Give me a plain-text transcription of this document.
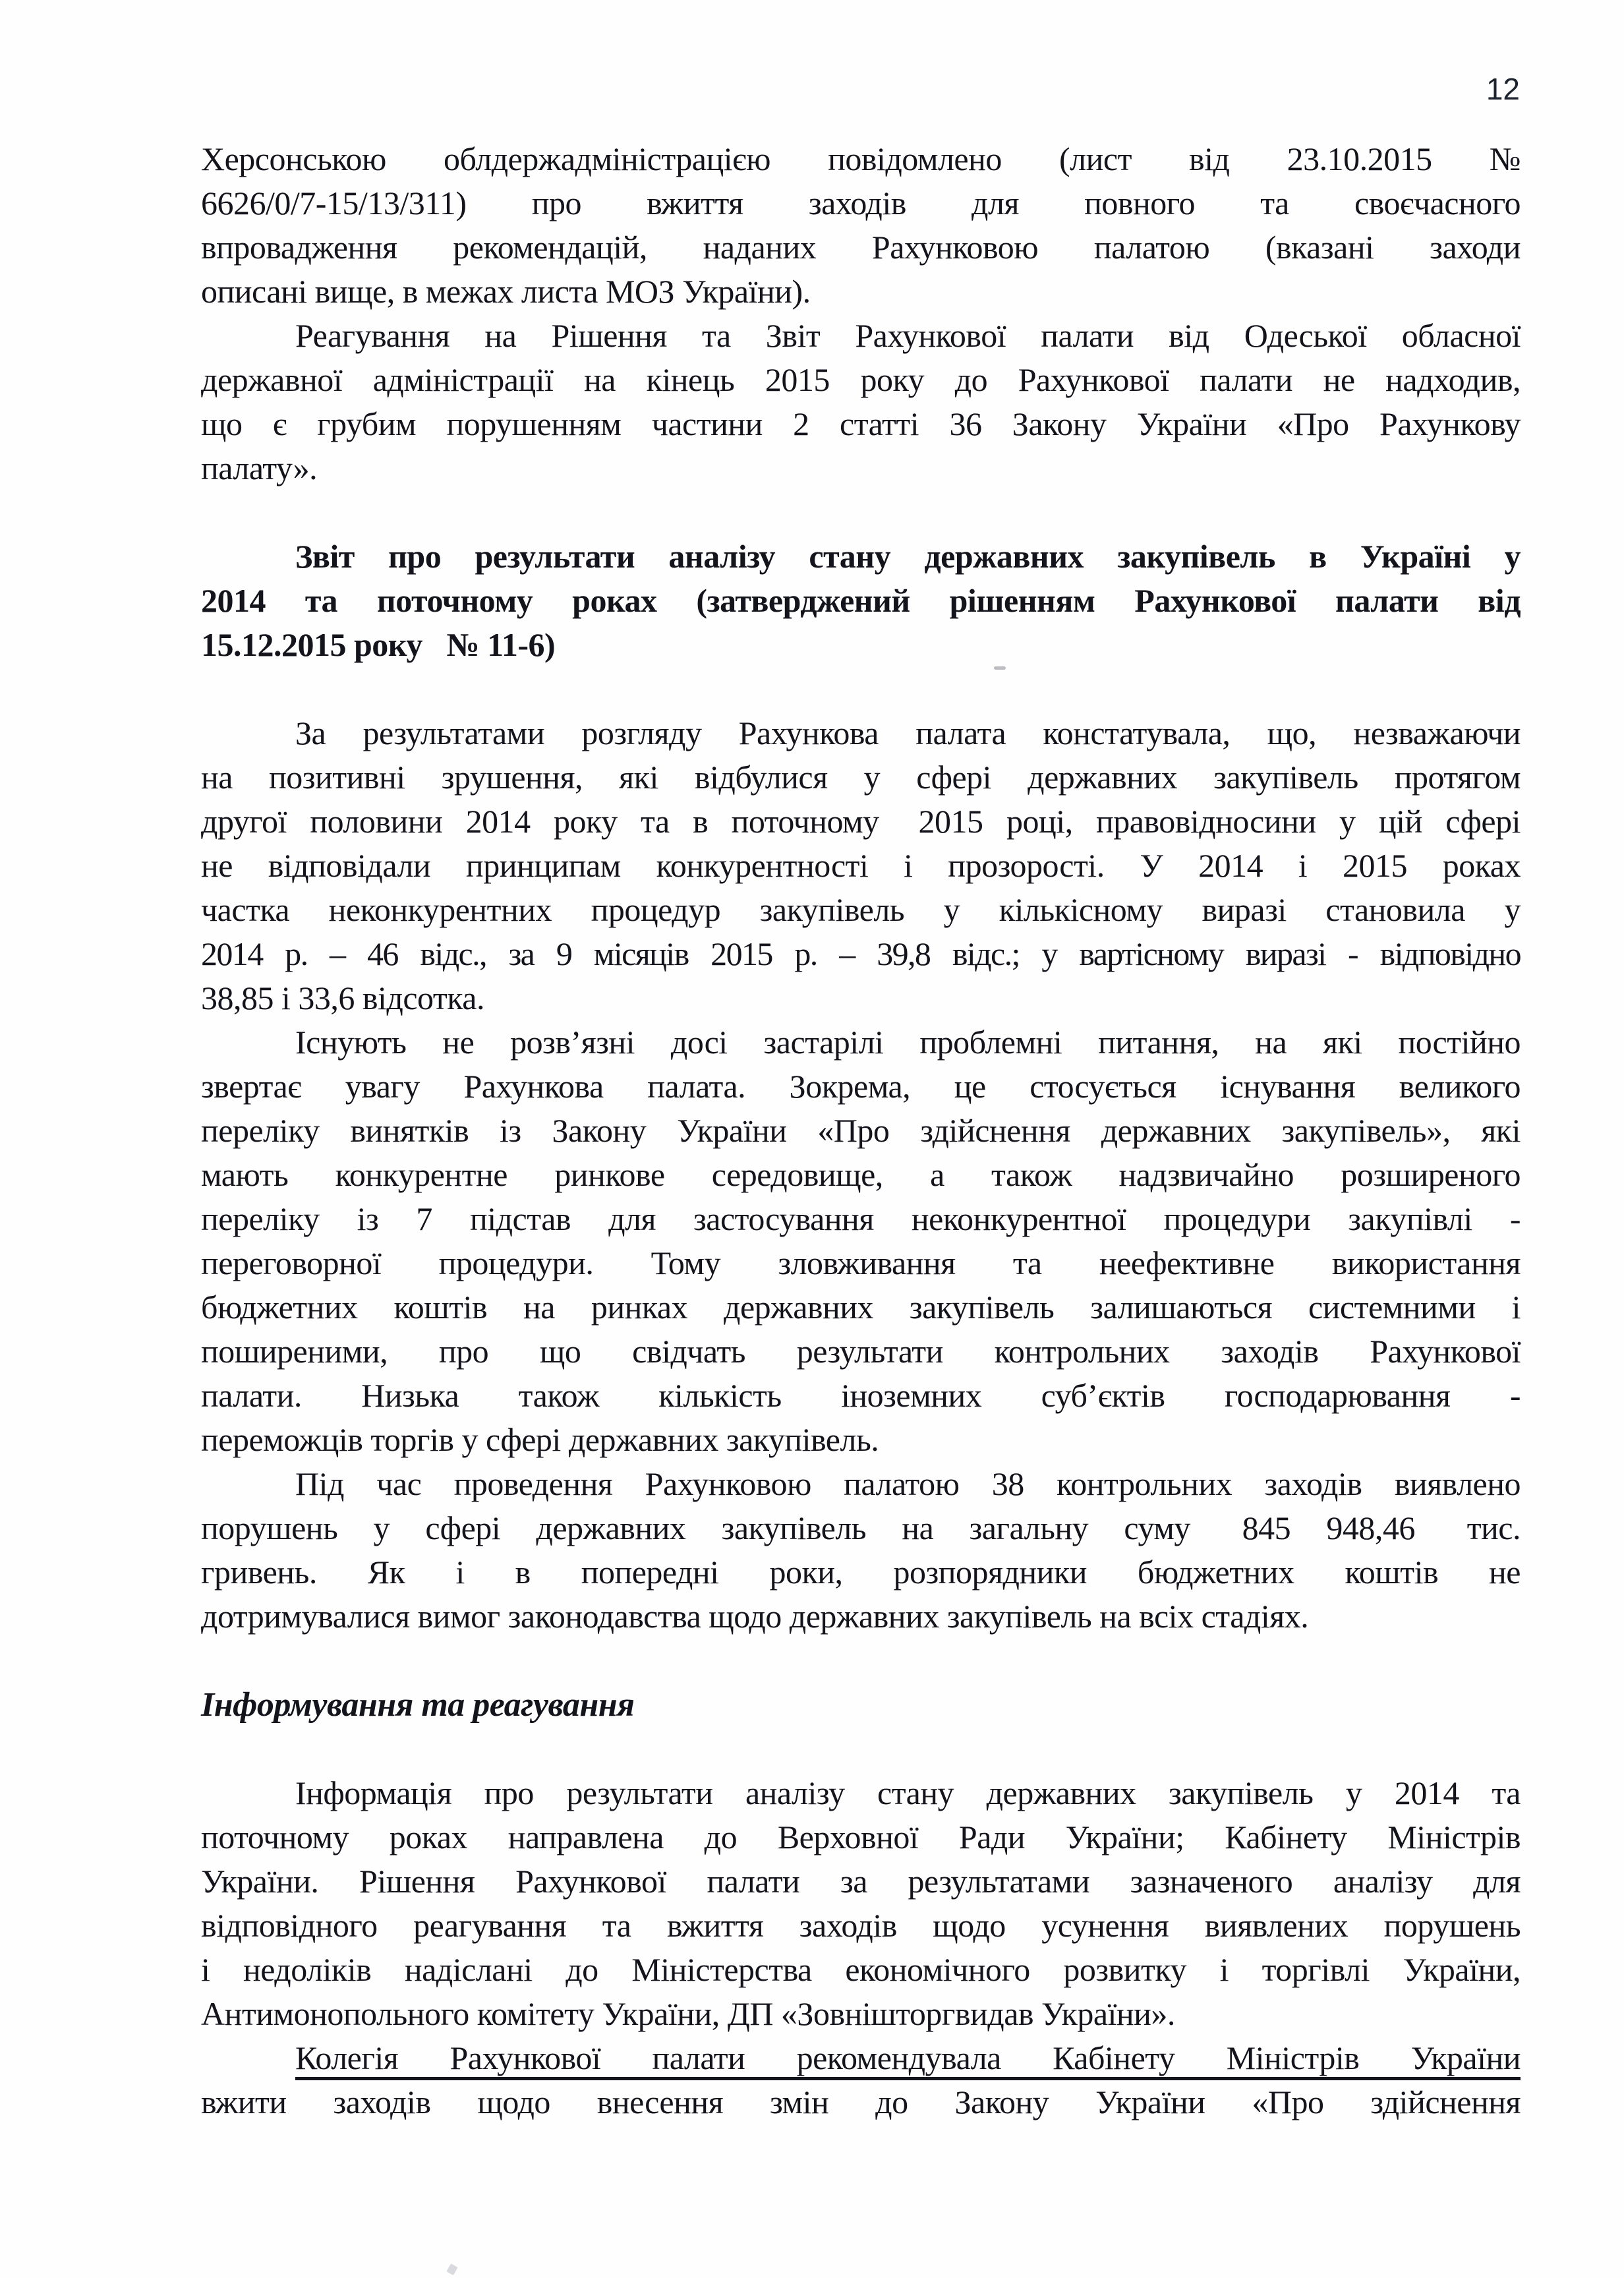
12
Херсонською облдержадміністрацією повідомлено (лист від 23.10.2015 №
6626/0/7-15/13/311) про вжиття заходів для повного та своєчасного
впровадження рекомендацій, наданих Рахунковою палатою (вказані заходи
описані вище, в межах листа МОЗ України).
Реагування на Рішення та Звіт Рахункової палати від Одеської обласної
державної адміністрації на кінець 2015 року до Рахункової палати не надходив,
що є грубим порушенням частини 2 статті 36 Закону України «Про Рахункову
палату».
Звіт про результати аналізу стану державних закупівель в Україні у
2014 та поточному роках (затверджений рішенням Рахункової палати від
15.12.2015 року  № 11-6)
За результатами розгляду Рахункова палата констатувала, що, незважаючи
на позитивні зрушення, які відбулися у сфері державних закупівель протягом
другої половини 2014 року та в поточному  2015 році, правовідносини у цій сфері
не відповідали принципам конкурентності і прозорості. У 2014 і 2015 роках
частка неконкурентних процедур закупівель у кількісному виразі становила у
2014 р. – 46 відс., за 9 місяців 2015 р. – 39,8 відс.; у вартісному виразі - відповідно
38,85 і 33,6 відсотка.
Існують не розв’язні досі застарілі проблемні питання, на які постійно
звертає увагу Рахункова палата. Зокрема, це стосується існування великого
переліку винятків із Закону України «Про здійснення державних закупівель», які
мають конкурентне ринкове середовище, а також надзвичайно розширеного
переліку із 7 підстав для застосування неконкурентної процедури закупівлі -
переговорної процедури. Тому зловживання та неефективне використання
бюджетних коштів на ринках державних закупівель залишаються системними і
поширеними, про що свідчать результати контрольних заходів Рахункової
палати. Низька також кількість іноземних суб’єктів господарювання -
переможців торгів у сфері державних закупівель.
Під час проведення Рахунковою палатою 38 контрольних заходів виявлено
порушень у сфері державних закупівель на загальну суму  845 948,46  тис.
гривень. Як і в попередні роки, розпорядники бюджетних коштів не
дотримувалися вимог законодавства щодо державних закупівель на всіх стадіях.
Інформування та реагування
Інформація про результати аналізу стану державних закупівель у 2014 та
поточному роках направлена до Верховної Ради України; Кабінету Міністрів
України. Рішення Рахункової палати за результатами зазначеного аналізу для
відповідного реагування та вжиття заходів щодо усунення виявлених порушень
і недоліків надіслані до Міністерства економічного розвитку і торгівлі України,
Антимонопольного комітету України, ДП «Зовнішторгвидав України».
Колегія Рахункової палати рекомендувала Кабінету Міністрів України
вжити заходів щодо внесення змін до Закону України «Про здійснення
